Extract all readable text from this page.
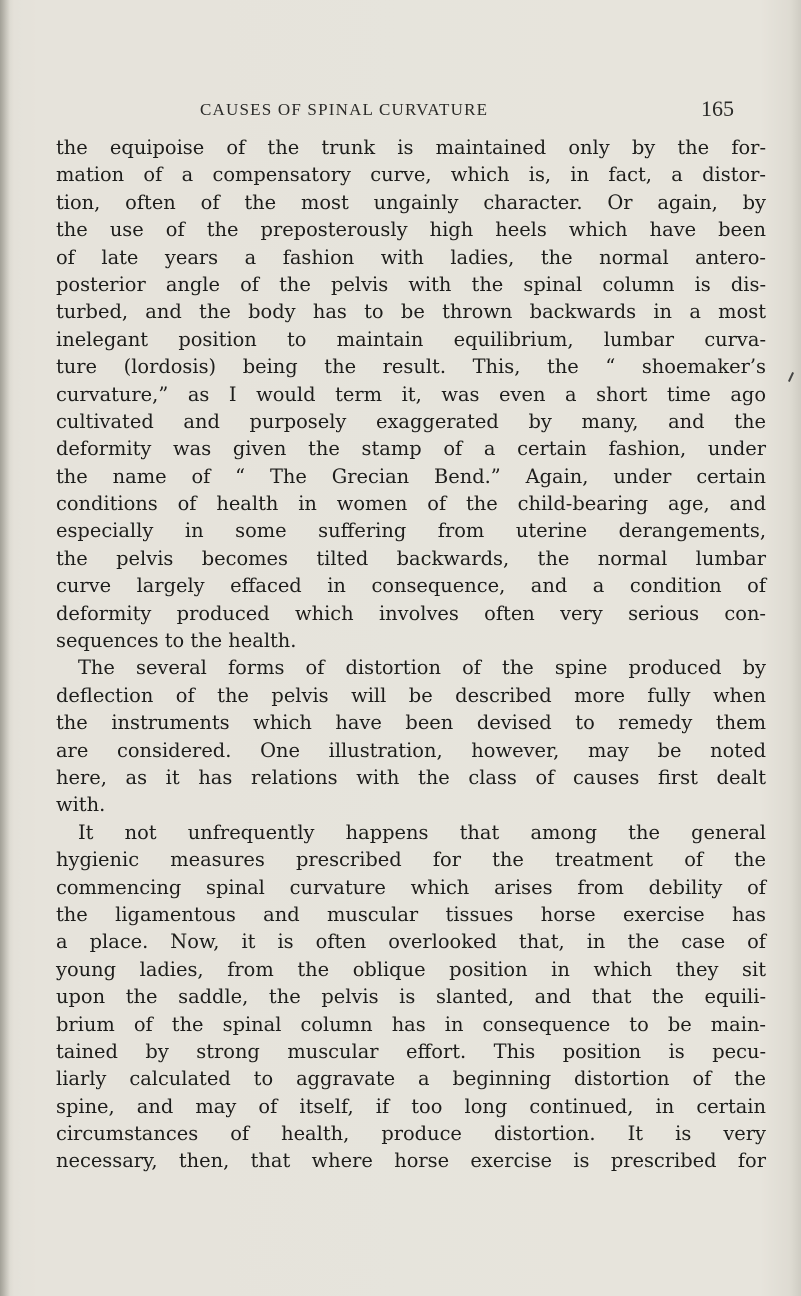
CAUSES OF SPINAL CURVATURE	165
the equipoise of the trunk is maintained only by the for-
mation of a compensatory curve, which is, in fact, a distor-
tion, often of the most ungainly character. Or again, by
the use of the preposterously high heels which have been
of late years a fashion with ladies, the normal antero-
posterior angle of the pelvis with the spinal column is dis-
turbed, and the body has to be thrown backwards in a most
inelegant position to maintain equilibrium, lumbar curva-
ture (lordosis) being the result. This, the “ shoemaker’s
curvature,” as I would term it, was even a short time ago
cultivated and purposely exaggerated by many, and the
deformity was given the stamp of a certain fashion, under
the name of “ The Grecian Bend.” Again, under certain
conditions of health in women of the child-bearing age, and
especially in some suffering from uterine derangements,
the pelvis becomes tilted backwards, the normal lumbar
curve largely effaced in consequence, and a condition of
deformity produced which involves often very serious con-
sequences to the health.
The several forms of distortion of the spine produced by
deflection of the pelvis will be described more fully when
the instruments which have been devised to remedy them
are considered. One illustration, however, may be noted
here, as it has relations with the class of causes first dealt
with.
It not unfrequently happens that among the general
hygienic measures prescribed for the treatment of the
commencing spinal curvature which arises from debility of
the ligamentous and muscular tissues horse exercise has
a place. Now, it is often overlooked that, in the case of
young ladies, from the oblique position in which they sit
upon the saddle, the pelvis is slanted, and that the equili-
brium of the spinal column has in consequence to be main-
tained by strong muscular effort. This position is pecu-
liarly calculated to aggravate a beginning distortion of the
spine, and may of itself, if too long continued, in certain
circumstances of health, produce distortion. It is very
necessary, then, that where horse exercise is prescribed for
